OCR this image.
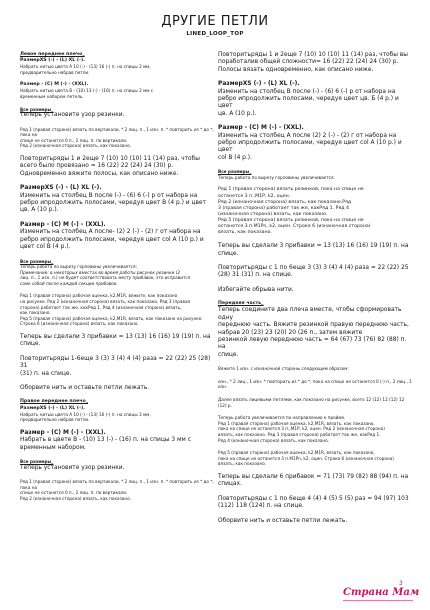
ДРУГИЕ ПЕТЛИ
LINED_LOOP_TOP
Левое переднее плечо_
РазмерXS (-) - (L) XL (-).
Набрать нитью цвета А 10 (-) - (13) 16 (-) п. на спицы 3 мм,
предварительно набрав петли.
Размер - (С) М (-) - (XXL).
Набрать нитью цвета В - (10) 13 (-) - (16) п. на спицы 3 мм с
временным набором петель.
Все размеры_
Теперь установите узор резинки.
Ряд 1 (правая сторона) вязать по вертикали, * 2 лиц. п., 1 изн. п. * повторить из * до *, пока на
спице не останется 0 п., 2 лиц. п. по вертикали.
Ряд 2 (изнаночная сторона) вязать, как показано.
Повторитьряды 1 и 2еще 7 (10) 10 (10) 11 (14) раз, чтобы
всего было провязано = 16 (22) 22 (24) 24 (30) р.
Одновременно вяжите полосы, как описано ниже.
РазмерXS (-) - (L) XL (-).
Изменить на столбец В после (-) - (6) 6 (-) р от набора на
ребро ипродолжить полосами, чередуя цвет В (4 р.) и цвет
цв. А (10 р.).
Размер - (С) М (-) - (XXL).
Изменить на столбец А после- (2) 2 (-) - (2) г от набора на
ребро ипродолжить полосами, чередуя цвет col А (10 р.) и
цвет col В (4 р.).
Все размеры_
Теперь работа по вырезу горловины увеличивается:
Примечание: в некоторых вместах во время работы рисунок резинки (2
лиц. п., 1 изн. п.) не будет соответствовать месту прибавок, это исправится
само собой после каждой секции прибавок.
Ряд 1 (правая сторона) рабочая оценка, k2,M1R, вяжите, как показано
на рисунке. Ряд 2 (изнаночная сторона) вязать, как показано. Ряд 3 (правая
сторона) работает так же, какРяд 1. Ряд 4 (изнаночная сторона) вязать,
как показано.
Ряд 5 (правая сторона) рабочая оценка, k2,M1R, вязать, как показано на рисунке.
Строка 6 (изнаночная сторона) вязать, как показано.
Теперь вы сделали 3 прибавки = 13 (13) 16 (16) 19 (19) п. на
спице.
Повторитьряды 1-6еще 3 (3) 3 (4) 4 (4) раза = 22 (22) 25 (28) 31
(31) п. на спице.
Оборвите нить и оставьте петли лежать.
Правое переднее плечо_
РазмерXS (-) - (L) XL (-).
Набрать нитью цвета А 10 (-) - (13) 16 (-) п. на спицы 3 мм,
предварительно набрав петли.
Размер - (С) М (-) - (XXL).
Набрать в цвете В - (10) 13 (-) - (16) п. на спицы 3 мм с
временным набором.
Все размеры_
Теперь установите узор резинки.
Ряд 1 (правая сторона) вязать по вертикали, * 2 лиц. п., 1 изн. п. * повторить из * до *, пока на
спице не останется 0 п., 2 лиц. п. по вертикали.
Ряд 2 (изнаночная сторона) вязать, как показано.
Повторитьряды 1 и 2еще 7 (10) 10 (10) 11 (14) раз, чтобы вы
поработалив общей сложности= 16 (22) 22 (24) 24 (30) р.
Полосы вязать одновременно, как описано ниже.
РазмерXS (-) - (L) XL (-).
Изменить на столбец В после (-) - (6) 6 (-) р от набора на
ребро ипродолжить полосами, чередуя цвет цв. Б (4 р.) и цвет
цв. А (10 р.).
Размер - (С) М (-) - (XXL).
Изменить на столбец А после (2) 2 (-) - (2) г от набора на
ребро ипродолжить полосами, чередуя цвет col А (10 р.) и цвет
col В (4 р.).
Все размеры_
Теперь работа по вырезу горловины увеличивается.
Ряд 1 (правая сторона) вязать резинкой, пока на спице не
останется 3 п.,M1P, k2, оцен.
Ряд 2 (изнаночная сторона) вязать, как показано.Ряд
3 (правая сторона) работает так же, какРяд 1. Ряд 4
(изнаночная сторона) вязать, как показано.
Ряд 5 (правая сторона) вязать резинкой, пока на спице не
останется 3 п.M1Pn, k2, оцен. Строка 6 (изнаночная сторона)
вязать, как показано.
Теперь вы сделали 3 прибавки = 13 (13) 16 (16) 19 (19) п. на
спице.
Повторитьряды с 1 по 6еще 3 (3) 3 (4) 4 (4) раза = 22 (22) 25
(28) 31 (31) п. на спице.
Избегайте обрыва нити.
Передняя часть_
Теперь соедините два плеча вместе, чтобы сформировать одну
переднюю часть. Вяжите резинкой правую переднюю часть,
набрав 20 (23) 23 (20) 20 (26 п., затем вяжите
резинкой левую переднюю часть = 64 (67) 73 (76) 82 (88) п. на
спице.
Вяжите 1 изн. с изнаночной стороны следующим образом:
изн., * 2 лиц., 1 изн. * повторить из * до *, пока на спице не останется 0 (-) п., 2 лиц., 1 изн.
Далее вязать лицевыми петлями, как показано на рисунке, всего 12 (12) 12 (12) 12 (12) р.
Теперь работа увеличивается по направлению к пройме.
Ряд 1 (правая сторона) рабочая оценка, k2,M1R, вязать, как показано,
пока на спице не останется 3 п.,M1P, k2, оцен. Ряд 2 (изнаночная сторона)
вязать, как показано. Ряд 3 (правая сторона) работает так же, какРяд 1.
Ряд 4 (изнаночная сторона) вязать, как показано.
Ряд 5 (правая сторона) рабочая оценка, k2,M1R, вязать, как показано,
пока на спице не останется 3 п.M1Pn, k2, оцен. Строка 6 (изнаночная сторона)
вязать, как показано.
Теперь вы сделали 6 прибавок = 71 (73) 79 (82) 88 (94) п. на
спицах.
Повторитьряды с 1 по 6еще 4 (4) 4 (5) 5 (5) раз = 94 (97) 103
(112) 118 (124) п. на спице.
Оборвите нить и оставьте петли лежать.
3
Страна Мам
